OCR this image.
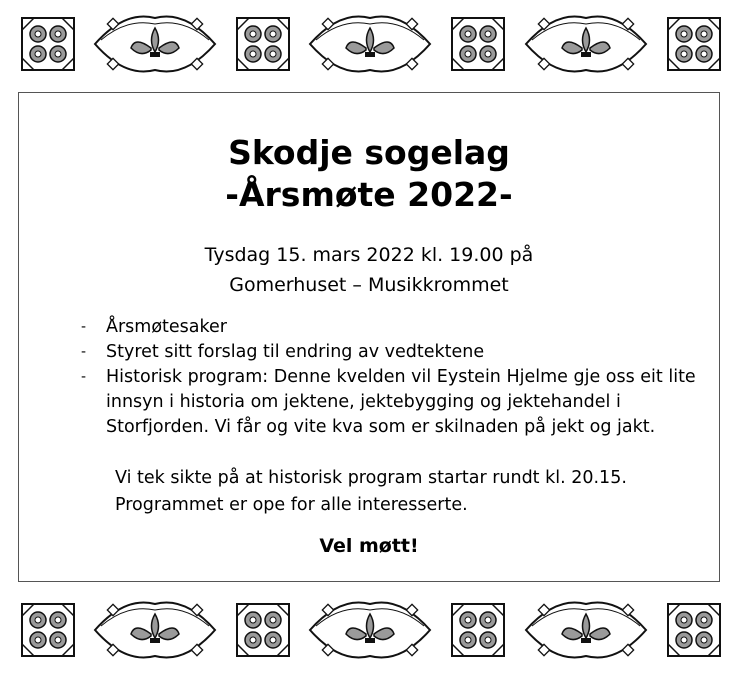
Skodje sogelag
-Årsmøte 2022-
Tysdag 15. mars 2022 kl. 19.00 på
Gomerhuset – Musikkrommet
- Årsmøtesaker
- Styret sitt forslag til endring av vedtektene
- Historisk program: Denne kvelden vil Eystein Hjelme gje oss eit lite innsyn i historia om jektene, jektebygging og jektehandel i Storfjorden. Vi får og vite kva som er skilnaden på jekt og jakt.
Vi tek sikte på at historisk program startar rundt kl. 20.15.
Programmet er ope for alle interesserte.
Vel møtt!
